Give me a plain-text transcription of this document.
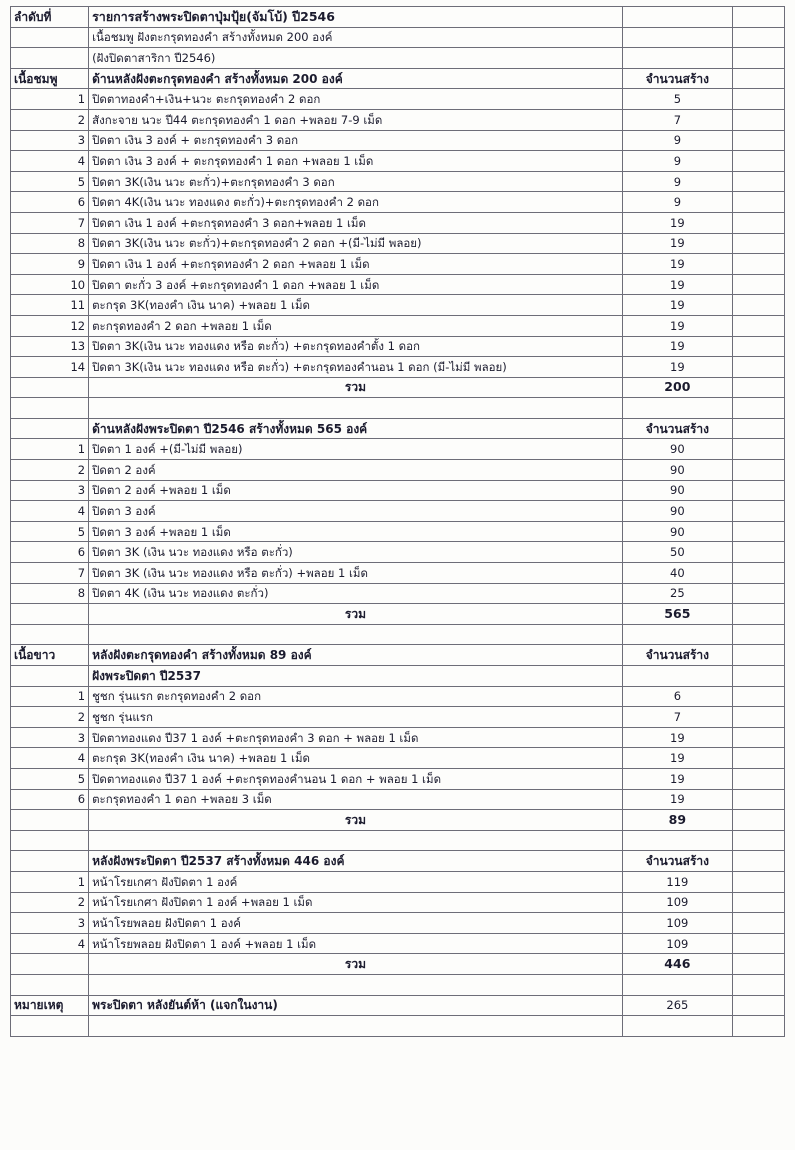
ลำดับที่	รายการสร้างพระปิดตาปุ่มปุ้ย(จัมโบ้) ปี2546		
	เนื้อชมพู ฝังตะกรุดทองคำ สร้างทั้งหมด 200 องค์		
	(ฝังปิดตาสาริกา ปี2546)		
เนื้อชมพู	ด้านหลังฝังตะกรุดทองคำ สร้างทั้งหมด 200 องค์	จำนวนสร้าง	
1	ปิดตาทองคำ+เงิน+นวะ ตะกรุดทองคำ 2 ดอก	5	
2	สังกะจาย นวะ ปี44 ตะกรุดทองคำ 1 ดอก +พลอย 7-9 เม็ด	7	
3	ปิดตา เงิน 3 องค์ + ตะกรุดทองคำ 3 ดอก	9	
4	ปิดตา เงิน 3 องค์ + ตะกรุดทองคำ 1 ดอก +พลอย 1 เม็ด	9	
5	ปิดตา 3K(เงิน นวะ ตะกั่ว)+ตะกรุดทองคำ 3 ดอก	9	
6	ปิดตา 4K(เงิน นวะ ทองแดง ตะกั่ว)+ตะกรุดทองคำ 2 ดอก	9	
7	ปิดตา เงิน 1 องค์ +ตะกรุดทองคำ 3 ดอก+พลอย 1 เม็ด	19	
8	ปิดตา 3K(เงิน นวะ ตะกั่ว)+ตะกรุดทองคำ 2 ดอก +(มี-ไม่มี พลอย)	19	
9	ปิดตา เงิน 1 องค์ +ตะกรุดทองคำ 2 ดอก +พลอย 1 เม็ด	19	
10	ปิดตา ตะกั่ว 3 องค์ +ตะกรุดทองคำ 1 ดอก +พลอย 1 เม็ด	19	
11	ตะกรุด 3K(ทองคำ เงิน นาค) +พลอย 1 เม็ด	19	
12	ตะกรุดทองคำ 2 ดอก +พลอย 1 เม็ด	19	
13	ปิดตา 3K(เงิน นวะ ทองแดง หรือ ตะกั่ว) +ตะกรุดทองคำตั้ง 1 ดอก	19	
14	ปิดตา 3K(เงิน นวะ ทองแดง หรือ ตะกั่ว) +ตะกรุดทองคำนอน 1 ดอก (มี-ไม่มี พลอย)	19	
	รวม	200	

	ด้านหลังฝังพระปิดตา ปี2546 สร้างทั้งหมด 565 องค์	จำนวนสร้าง	
1	ปิดตา 1 องค์ +(มี-ไม่มี พลอย)	90	
2	ปิดตา 2 องค์	90	
3	ปิดตา 2 องค์ +พลอย 1 เม็ด	90	
4	ปิดตา 3 องค์	90	
5	ปิดตา 3 องค์ +พลอย 1 เม็ด	90	
6	ปิดตา 3K (เงิน นวะ ทองแดง หรือ ตะกั่ว)	50	
7	ปิดตา 3K (เงิน นวะ ทองแดง หรือ ตะกั่ว) +พลอย 1 เม็ด	40	
8	ปิดตา 4K (เงิน นวะ ทองแดง ตะกั่ว)	25	
	รวม	565	

เนื้อขาว	หลังฝังตะกรุดทองคำ สร้างทั้งหมด 89 องค์	จำนวนสร้าง	
	ฝังพระปิดตา ปี2537		
1	ชูชก รุ่นแรก ตะกรุดทองคำ 2 ดอก	6	
2	ชูชก รุ่นแรก	7	
3	ปิดตาทองแดง ปี37 1 องค์ +ตะกรุดทองคำ 3 ดอก + พลอย 1 เม็ด	19	
4	ตะกรุด 3K(ทองคำ เงิน นาค) +พลอย 1 เม็ด	19	
5	ปิดตาทองแดง ปี37 1 องค์ +ตะกรุดทองคำนอน 1 ดอก + พลอย 1 เม็ด	19	
6	ตะกรุดทองคำ 1 ดอก +พลอย 3 เม็ด	19	
	รวม	89	

	หลังฝังพระปิดตา ปี2537 สร้างทั้งหมด 446 องค์	จำนวนสร้าง	
1	หน้าโรยเกศา ฝังปิดตา 1 องค์	119	
2	หน้าโรยเกศา ฝังปิดตา 1 องค์ +พลอย 1 เม็ด	109	
3	หน้าโรยพลอย ฝังปิดตา 1 องค์	109	
4	หน้าโรยพลอย ฝังปิดตา 1 องค์ +พลอย 1 เม็ด	109	
	รวม	446	

หมายเหตุ	พระปิดตา หลังยันต์ห้า (แจกในงาน)	265	
